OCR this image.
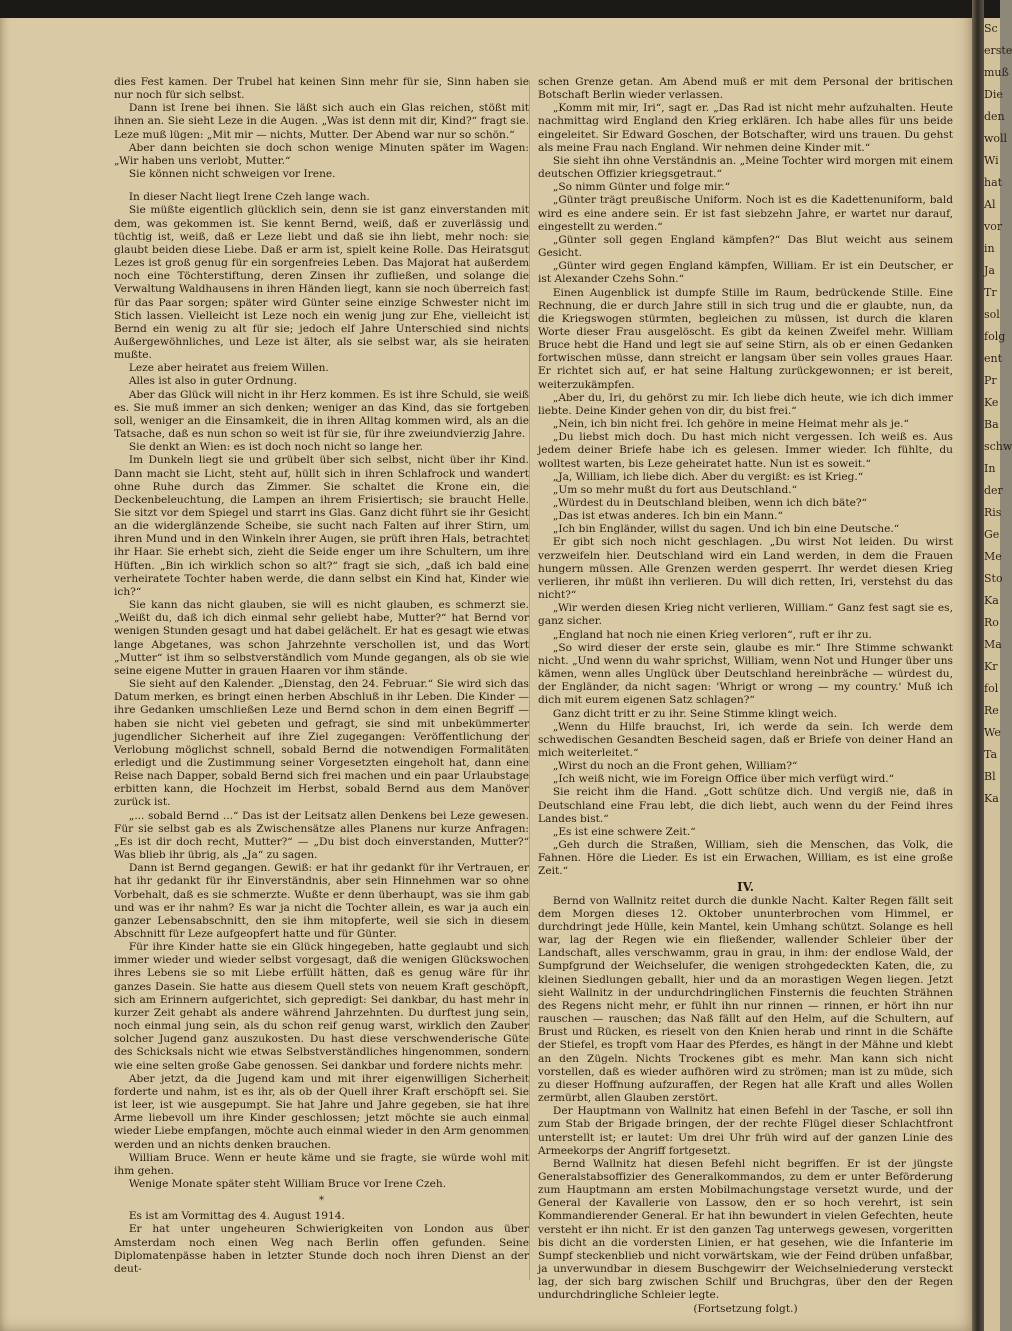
Sc
erste
muß
Die
den
woll
Wi
hat
Al
vor
in
Ja
Tr
sol
folg
ent
Pr
Ke
Ba
schw
In
der
Ris
Ge
Me
Sto
Ka
Ro
Ma
Kr
fol
Re
We
Ta
Bl
Ka

dies Fest kamen. Der Trubel hat keinen Sinn mehr für sie, Sinn haben sie nur noch für sich selbst.

Dann ist Irene bei ihnen. Sie läßt sich auch ein Glas reichen, stößt mit ihnen an. Sie sieht Leze in die Augen. „Was ist denn mit dir, Kind?“ fragt sie. Leze muß lügen: „Mit mir — nichts, Mutter. Der Abend war nur so schön.“

Aber dann beichten sie doch schon wenige Minuten später im Wagen: „Wir haben uns verlobt, Mutter.“

Sie können nicht schweigen vor Irene.

In dieser Nacht liegt Irene Czeh lange wach.

Sie müßte eigentlich glücklich sein, denn sie ist ganz einverstanden mit dem, was gekommen ist. Sie kennt Bernd, weiß, daß er zuverlässig und tüchtig ist, weiß, daß er Leze liebt und daß sie ihn liebt, mehr noch: sie glaubt beiden diese Liebe. Daß er arm ist, spielt keine Rolle. Das Heiratsgut Lezes ist groß genug für ein sorgenfreies Leben. Das Majorat hat außerdem noch eine Töchterstiftung, deren Zinsen ihr zufließen, und solange die Verwaltung Waldhausens in ihren Händen liegt, kann sie noch überreich fast für das Paar sorgen; später wird Günter seine einzige Schwester nicht im Stich lassen. Vielleicht ist Leze noch ein wenig jung zur Ehe, vielleicht ist Bernd ein wenig zu alt für sie; jedoch elf Jahre Unterschied sind nichts Außergewöhnliches, und Leze ist älter, als sie selbst war, als sie heiraten mußte.

Leze aber heiratet aus freiem Willen.

Alles ist also in guter Ordnung.

Aber das Glück will nicht in ihr Herz kommen. Es ist ihre Schuld, sie weiß es. Sie muß immer an sich denken; weniger an das Kind, das sie fortgeben soll, weniger an die Einsamkeit, die in ihren Alltag kommen wird, als an die Tatsache, daß es nun schon so weit ist für sie, für ihre zweiundvierzig Jahre.

Sie denkt an Wien: es ist doch noch nicht so lange her.

Im Dunkeln liegt sie und grübelt über sich selbst, nicht über ihr Kind. Dann macht sie Licht, steht auf, hüllt sich in ihren Schlafrock und wandert ohne Ruhe durch das Zimmer. Sie schaltet die Krone ein, die Deckenbeleuchtung, die Lampen an ihrem Frisiertisch; sie braucht Helle. Sie sitzt vor dem Spiegel und starrt ins Glas. Ganz dicht führt sie ihr Gesicht an die widerglänzende Scheibe, sie sucht nach Falten auf ihrer Stirn, um ihren Mund und in den Winkeln ihrer Augen, sie prüft ihren Hals, betrachtet ihr Haar. Sie erhebt sich, zieht die Seide enger um ihre Schultern, um ihre Hüften. „Bin ich wirklich schon so alt?“ fragt sie sich, „daß ich bald eine verheiratete Tochter haben werde, die dann selbst ein Kind hat, Kinder wie ich?“

Sie kann das nicht glauben, sie will es nicht glauben, es schmerzt sie. „Weißt du, daß ich dich einmal sehr geliebt habe, Mutter?“ hat Bernd vor wenigen Stunden gesagt und hat dabei gelächelt. Er hat es gesagt wie etwas lange Abgetanes, was schon Jahrzehnte verschollen ist, und das Wort „Mutter“ ist ihm so selbstverständlich vom Munde gegangen, als ob sie wie seine eigene Mutter in grauen Haaren vor ihm stände.

Sie sieht auf den Kalender. „Dienstag, den 24. Februar.“ Sie wird sich das Datum merken, es bringt einen herben Abschluß in ihr Leben. Die Kinder — ihre Gedanken umschließen Leze und Bernd schon in dem einen Begriff — haben sie nicht viel gebeten und gefragt, sie sind mit unbekümmerter jugendlicher Sicherheit auf ihre Ziel zugegangen: Veröffentlichung der Verlobung möglichst schnell, sobald Bernd die notwendigen Formalitäten erledigt und die Zustimmung seiner Vorgesetzten eingeholt hat, dann eine Reise nach Dapper, sobald Bernd sich frei machen und ein paar Urlaubstage erbitten kann, die Hochzeit im Herbst, sobald Bernd aus dem Manöver zurück ist.

„... sobald Bernd ...“ Das ist der Leitsatz allen Denkens bei Leze gewesen. Für sie selbst gab es als Zwischensätze alles Planens nur kurze Anfragen: „Es ist dir doch recht, Mutter?“ — „Du bist doch einverstanden, Mutter?“ Was blieb ihr übrig, als „Ja“ zu sagen.

Dann ist Bernd gegangen. Gewiß: er hat ihr gedankt für ihr Vertrauen, er hat ihr gedankt für ihr Einverständnis, aber sein Hinnehmen war so ohne Vorbehalt, daß es sie schmerzte. Wußte er denn überhaupt, was sie ihm gab und was er ihr nahm? Es war ja nicht die Tochter allein, es war ja auch ein ganzer Lebensabschnitt, den sie ihm mitopferte, weil sie sich in diesem Abschnitt für Leze aufgeopfert hatte und für Günter.

Für ihre Kinder hatte sie ein Glück hingegeben, hatte geglaubt und sich immer wieder und wieder selbst vorgesagt, daß die wenigen Glückswochen ihres Lebens sie so mit Liebe erfüllt hätten, daß es genug wäre für ihr ganzes Dasein. Sie hatte aus diesem Quell stets von neuem Kraft geschöpft, sich am Erinnern aufgerichtet, sich gepredigt: Sei dankbar, du hast mehr in kurzer Zeit gehabt als andere während Jahrzehnten. Du durftest jung sein, noch einmal jung sein, als du schon reif genug warst, wirklich den Zauber solcher Jugend ganz auszukosten. Du hast diese verschwenderische Güte des Schicksals nicht wie etwas Selbstverständliches hingenommen, sondern wie eine selten große Gabe genossen. Sei dankbar und fordere nichts mehr.

Aber jetzt, da die Jugend kam und mit ihrer eigenwilligen Sicherheit forderte und nahm, ist es ihr, als ob der Quell ihrer Kraft erschöpft sei. Sie ist leer, ist wie ausgepumpt. Sie hat Jahre und Jahre gegeben, sie hat ihre Arme liebevoll um ihre Kinder geschlossen; jetzt möchte sie auch einmal wieder Liebe empfangen, möchte auch einmal wieder in den Arm genommen werden und an nichts denken brauchen.

William Bruce. Wenn er heute käme und sie fragte, sie würde wohl mit ihm gehen.

Wenige Monate später steht William Bruce vor Irene Czeh.

*

Es ist am Vormittag des 4. August 1914.

Er hat unter ungeheuren Schwierigkeiten von London aus über Amsterdam noch einen Weg nach Berlin offen gefunden. Seine Diplomatenpässe haben in letzter Stunde doch noch ihren Dienst an der deut-

schen Grenze getan. Am Abend muß er mit dem Personal der britischen Botschaft Berlin wieder verlassen.

„Komm mit mir, Iri“, sagt er. „Das Rad ist nicht mehr aufzuhalten. Heute nachmittag wird England den Krieg erklären. Ich habe alles für uns beide eingeleitet. Sir Edward Goschen, der Botschafter, wird uns trauen. Du gehst als meine Frau nach England. Wir nehmen deine Kinder mit.“

Sie sieht ihn ohne Verständnis an. „Meine Tochter wird morgen mit einem deutschen Offizier kriegsgetraut.“

„So nimm Günter und folge mir.“

„Günter trägt preußische Uniform. Noch ist es die Kadettenuniform, bald wird es eine andere sein. Er ist fast siebzehn Jahre, er wartet nur darauf, eingestellt zu werden.“

„Günter soll gegen England kämpfen?“ Das Blut weicht aus seinem Gesicht.

„Günter wird gegen England kämpfen, William. Er ist ein Deutscher, er ist Alexander Czehs Sohn.“

Einen Augenblick ist dumpfe Stille im Raum, bedrückende Stille. Eine Rechnung, die er durch Jahre still in sich trug und die er glaubte, nun, da die Kriegswogen stürmten, begleichen zu müssen, ist durch die klaren Worte dieser Frau ausgelöscht. Es gibt da keinen Zweifel mehr. William Bruce hebt die Hand und legt sie auf seine Stirn, als ob er einen Gedanken fortwischen müsse, dann streicht er langsam über sein volles graues Haar. Er richtet sich auf, er hat seine Haltung zurückgewonnen; er ist bereit, weiterzukämpfen.

„Aber du, Iri, du gehörst zu mir. Ich liebe dich heute, wie ich dich immer liebte. Deine Kinder gehen von dir, du bist frei.“

„Nein, ich bin nicht frei. Ich gehöre in meine Heimat mehr als je.“

„Du liebst mich doch. Du hast mich nicht vergessen. Ich weiß es. Aus jedem deiner Briefe habe ich es gelesen. Immer wieder. Ich fühlte, du wolltest warten, bis Leze geheiratet hatte. Nun ist es soweit.“

„Ja, William, ich liebe dich. Aber du vergißt: es ist Krieg.“

„Um so mehr mußt du fort aus Deutschland.“

„Würdest du in Deutschland bleiben, wenn ich dich bäte?“

„Das ist etwas anderes. Ich bin ein Mann.“

„Ich bin Engländer, willst du sagen. Und ich bin eine Deutsche.“

Er gibt sich noch nicht geschlagen. „Du wirst Not leiden. Du wirst verzweifeln hier. Deutschland wird ein Land werden, in dem die Frauen hungern müssen. Alle Grenzen werden gesperrt. Ihr werdet diesen Krieg verlieren, ihr müßt ihn verlieren. Du will dich retten, Iri, verstehst du das nicht?“

„Wir werden diesen Krieg nicht verlieren, William.“ Ganz fest sagt sie es, ganz sicher.

„England hat noch nie einen Krieg verloren“, ruft er ihr zu.

„So wird dieser der erste sein, glaube es mir.“ Ihre Stimme schwankt nicht. „Und wenn du wahr sprichst, William, wenn Not und Hunger über uns kämen, wenn alles Unglück über Deutschland hereinbräche — würdest du, der Engländer, da nicht sagen: 'Whrigt or wrong — my country.' Muß ich dich mit eurem eigenen Satz schlagen?“

Ganz dicht tritt er zu ihr. Seine Stimme klingt weich.

„Wenn du Hilfe brauchst, Iri, ich werde da sein. Ich werde dem schwedischen Gesandten Bescheid sagen, daß er Briefe von deiner Hand an mich weiterleitet.“

„Wirst du noch an die Front gehen, William?“

„Ich weiß nicht, wie im Foreign Office über mich verfügt wird.“

Sie reicht ihm die Hand. „Gott schütze dich. Und vergiß nie, daß in Deutschland eine Frau lebt, die dich liebt, auch wenn du der Feind ihres Landes bist.“

„Es ist eine schwere Zeit.“

„Geh durch die Straßen, William, sieh die Menschen, das Volk, die Fahnen. Höre die Lieder. Es ist ein Erwachen, William, es ist eine große Zeit.“

IV.

Bernd von Wallnitz reitet durch die dunkle Nacht. Kalter Regen fällt seit dem Morgen dieses 12. Oktober ununterbrochen vom Himmel, er durchdringt jede Hülle, kein Mantel, kein Umhang schützt. Solange es hell war, lag der Regen wie ein fließender, wallender Schleier über der Landschaft, alles verschwamm, grau in grau, in ihm: der endlose Wald, der Sumpfgrund der Weichselufer, die wenigen strohgedeckten Katen, die, zu kleinen Siedlungen geballt, hier und da an morastigen Wegen liegen. Jetzt sieht Wallnitz in der undurchdringlichen Finsternis die feuchten Strähnen des Regens nicht mehr, er fühlt ihn nur rinnen — rinnen, er hört ihn nur rauschen — rauschen; das Naß fällt auf den Helm, auf die Schultern, auf Brust und Rücken, es rieselt von den Knien herab und rinnt in die Schäfte der Stiefel, es tropft vom Haar des Pferdes, es hängt in der Mähne und klebt an den Zügeln. Nichts Trockenes gibt es mehr. Man kann sich nicht vorstellen, daß es wieder aufhören wird zu strömen; man ist zu müde, sich zu dieser Hoffnung aufzuraffen, der Regen hat alle Kraft und alles Wollen zermürbt, allen Glauben zerstört.

Der Hauptmann von Wallnitz hat einen Befehl in der Tasche, er soll ihn zum Stab der Brigade bringen, der der rechte Flügel dieser Schlachtfront unterstellt ist; er lautet: Um drei Uhr früh wird auf der ganzen Linie des Armeekorps der Angriff fortgesetzt.

Bernd Wallnitz hat diesen Befehl nicht begriffen. Er ist der jüngste Generalstabsoffizier des Generalkommandos, zu dem er unter Beförderung zum Hauptmann am ersten Mobilmachungstage versetzt wurde, und der General der Kavallerie von Lassow, den er so hoch verehrt, ist sein Kommandierender General. Er hat ihn bewundert in vielen Gefechten, heute versteht er ihn nicht. Er ist den ganzen Tag unterwegs gewesen, vorgeritten bis dicht an die vordersten Linien, er hat gesehen, wie die Infanterie im Sumpf steckenblieb und nicht vorwärtskam, wie der Feind drüben unfaßbar, ja unverwundbar in diesem Buschgewirr der Weichselniederung versteckt lag, der sich barg zwischen Schilf und Bruchgras, über den der Regen undurchdringliche Schleier legte.

(Fortsetzung folgt.)
